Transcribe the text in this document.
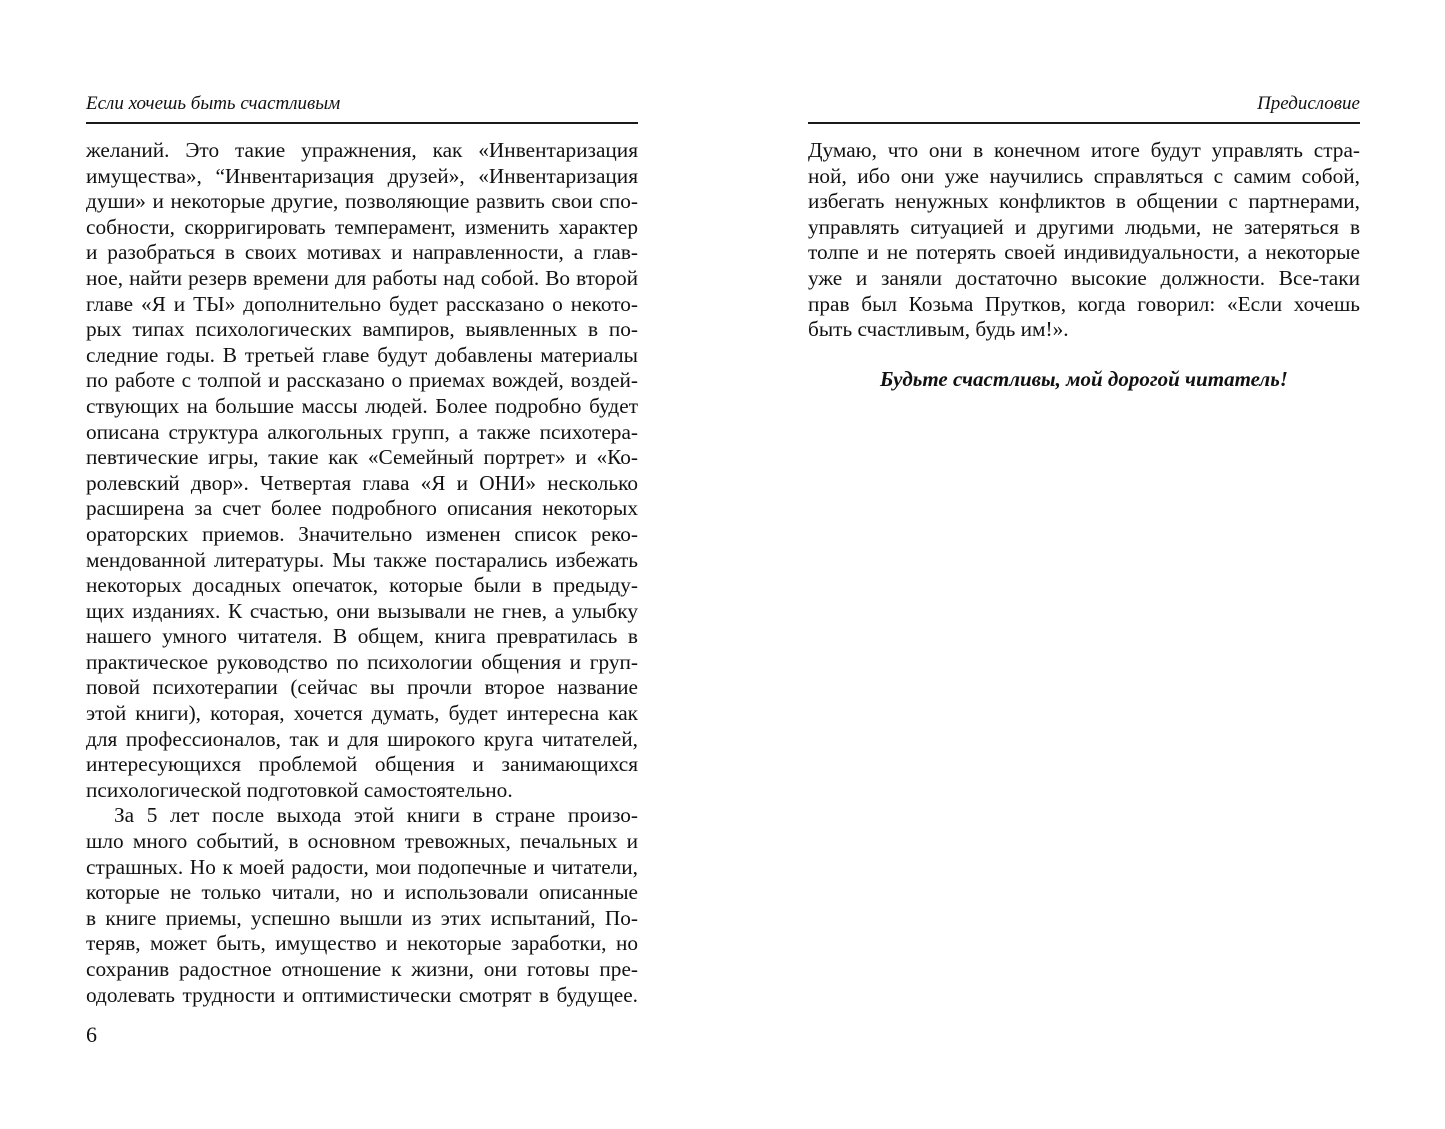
Если хочешь быть счастливым
желаний. Это такие упражнения, как «Инвентаризация
имущества», “Инвентаризация друзей», «Инвентаризация
души» и некоторые другие, позволяющие развить свои спо-
собности, скорригировать темперамент, изменить характер
и разобраться в своих мотивах и направленности, а глав-
ное, найти резерв времени для работы над собой. Во второй
главе «Я и ТЫ» дополнительно будет рассказано о некото-
рых типах психологических вампиров, выявленных в по-
следние годы. В третьей главе будут добавлены материалы
по работе с толпой и рассказано о приемах вождей, воздей-
ствующих на большие массы людей. Более подробно будет
описана структура алкогольных групп, а также психотера-
певтические игры, такие как «Семейный портрет» и «Ко-
ролевский двор». Четвертая глава «Я и ОНИ» несколько
расширена за счет более подробного описания некоторых
ораторских приемов. Значительно изменен список реко-
мендованной литературы. Мы также постарались избежать
некоторых досадных опечаток, которые были в предыду-
щих изданиях. К счастью, они вызывали не гнев, а улыбку
нашего умного читателя. В общем, книга превратилась в
практическое руководство по психологии общения и груп-
повой психотерапии (сейчас вы прочли второе название
этой книги), которая, хочется думать, будет интересна как
для профессионалов, так и для широкого круга читателей,
интересующихся проблемой общения и занимающихся
психологической подготовкой самостоятельно.
За 5 лет после выхода этой книги в стране произо-
шло много событий, в основном тревожных, печальных и
страшных. Но к моей радости, мои подопечные и читатели,
которые не только читали, но и использовали описанные
в книге приемы, успешно вышли из этих испытаний, По-
теряв, может быть, имущество и некоторые заработки, но
сохранив радостное отношение к жизни, они готовы пре-
одолевать трудности и оптимистически смотрят в будущее.
6
Предисловие
Думаю, что они в конечном итоге будут управлять стра-
ной, ибо они уже научились справляться с самим собой,
избегать ненужных конфликтов в общении с партнерами,
управлять ситуацией и другими людьми, не затеряться в
толпе и не потерять своей индивидуальности, а некоторые
уже и заняли достаточно высокие должности. Все-таки
прав был Козьма Прутков, когда говорил: «Если хочешь
быть счастливым, будь им!».
Будьте счастливы, мой дорогой читатель!
